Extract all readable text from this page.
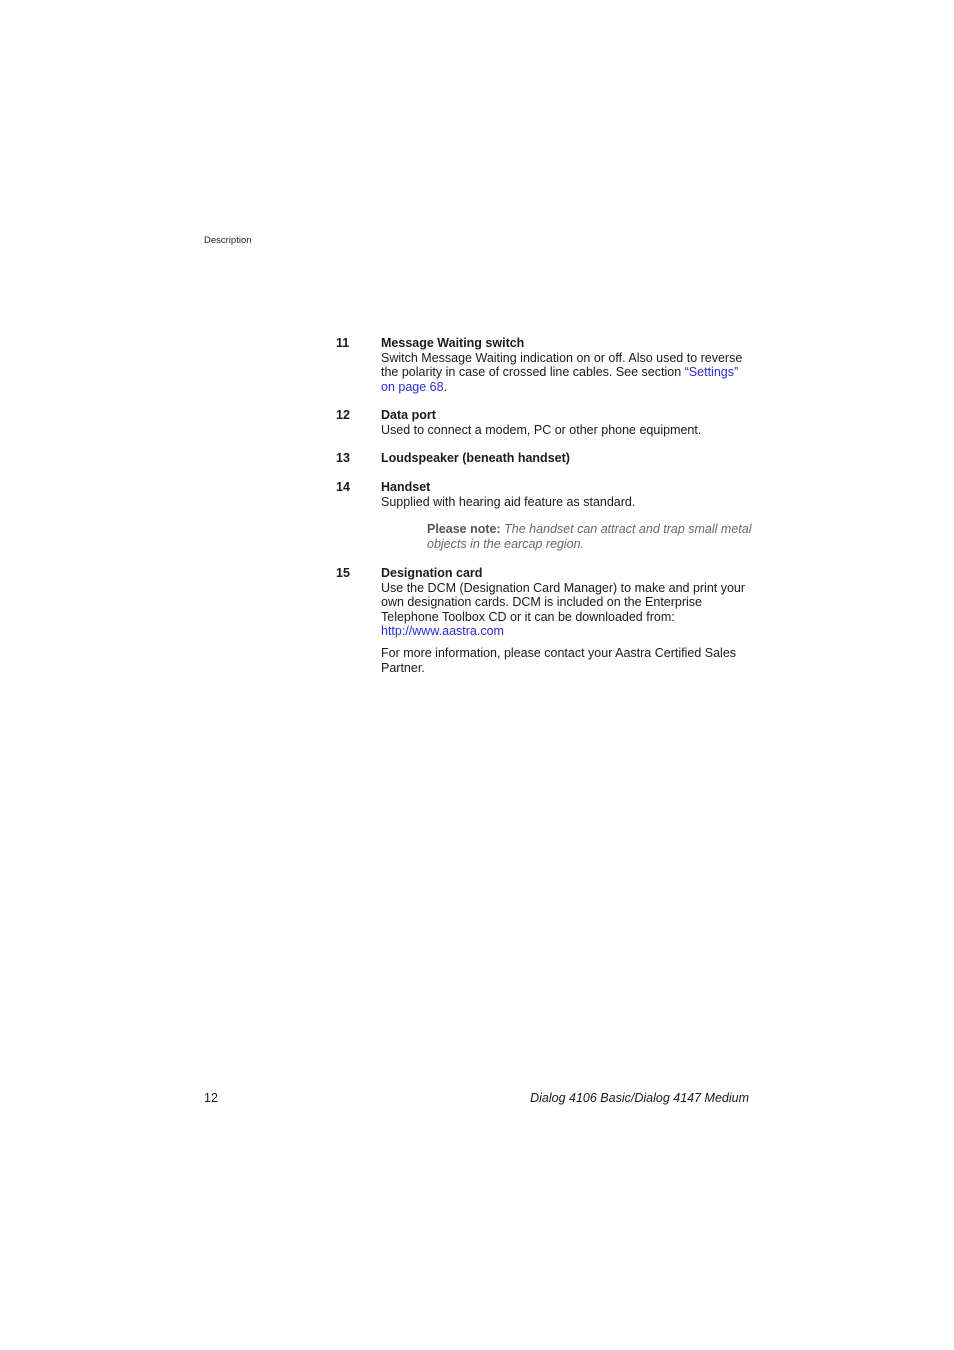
Description
11	Message Waiting switch
Switch Message Waiting indication on or off. Also used to reverse the polarity in case of crossed line cables. See section “Settings” on page 68.
12 Data port
Used to connect a modem, PC or other phone equipment.
13 Loudspeaker (beneath handset)
14 Handset
Supplied with hearing aid feature as standard.
Please note: The handset can attract and trap small metal objects in the earcap region.
15 Designation card
Use the DCM (Designation Card Manager) to make and print your own designation cards. DCM is included on the Enterprise Telephone Toolbox CD or it can be downloaded from:
http://www.aastra.com
For more information, please contact your Aastra Certified Sales Partner.
12	Dialog 4106 Basic/Dialog 4147 Medium
